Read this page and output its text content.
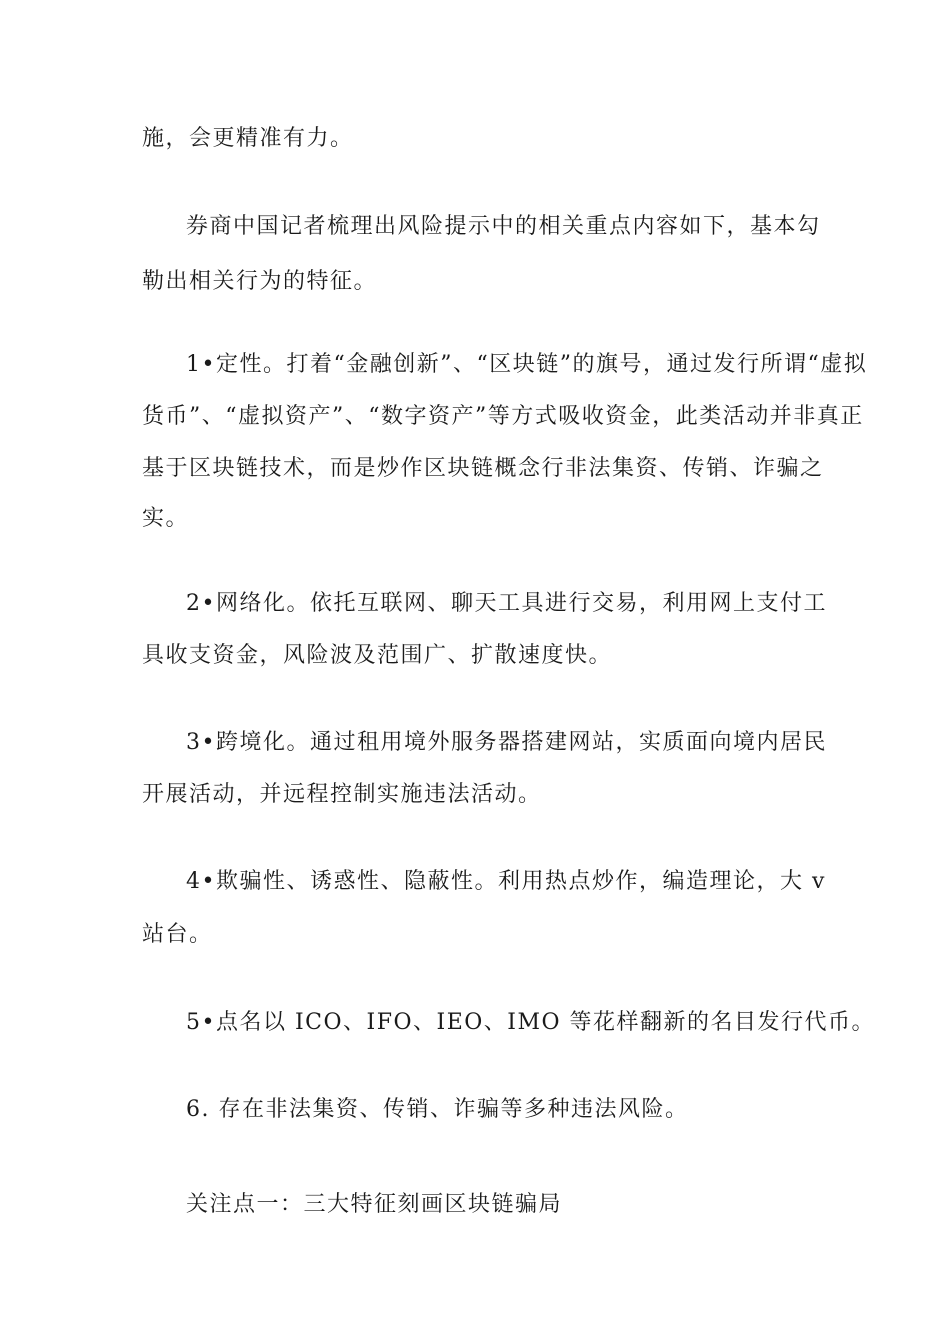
施，会更精准有力。
券商中国记者梳理出风险提示中的相关重点内容如下，基本勾
勒出相关行为的特征。
1•定性。打着“金融创新”、“区块链”的旗号，通过发行所谓“虚拟
货币”、“虚拟资产”、“数字资产”等方式吸收资金，此类活动并非真正
基于区块链技术，而是炒作区块链概念行非法集资、传销、诈骗之
实。
2•网络化。依托互联网、聊天工具进行交易，利用网上支付工
具收支资金，风险波及范围广、扩散速度快。
3•跨境化。通过租用境外服务器搭建网站，实质面向境内居民
开展活动，并远程控制实施违法活动。
4•欺骗性、诱惑性、隐蔽性。利用热点炒作，编造理论，大 v
站台。
5•点名以 ICO、IFO、IEO、IMO 等花样翻新的名目发行代币。
6. 存在非法集资、传销、诈骗等多种违法风险。
关注点一：三大特征刻画区块链骗局
